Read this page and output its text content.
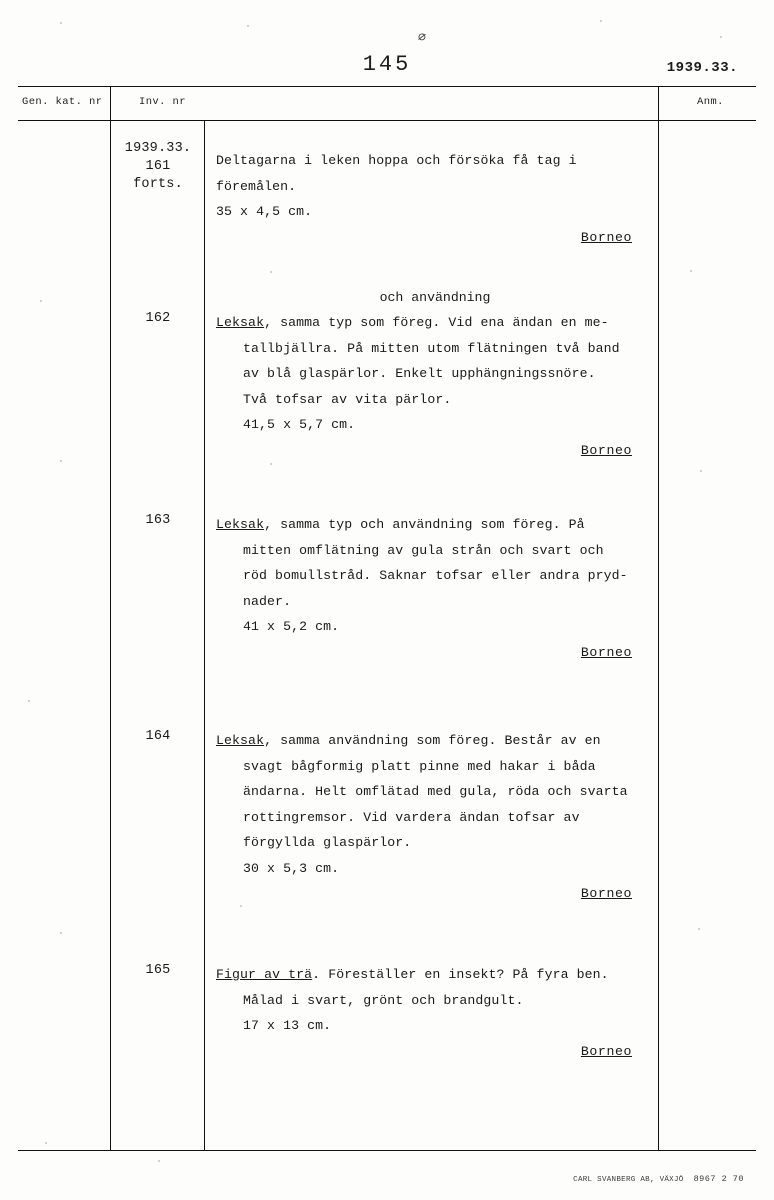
⌀
145	1939.33.
Gen. kat. nr	Inv. nr	Anm.
1939.33.
161
forts.
Deltagarna i leken hoppa och försöka få tag i
föremålen.
35 x 4,5 cm.
Borneo
och användning
162	Leksak, samma typ som föreg. Vid ena ändan en me-
tallbjällra. På mitten utom flätningen två band
av blå glaspärlor. Enkelt upphängningssnöre.
Två tofsar av vita pärlor.
41,5 x 5,7 cm.
Borneo
163	Leksak, samma typ och användning som föreg. På
mitten omflätning av gula strån och svart och
röd bomullstråd. Saknar tofsar eller andra pryd-
nader.
41 x 5,2 cm.
Borneo
164	Leksak, samma användning som föreg. Består av en
svagt bågformig platt pinne med hakar i båda
ändarna. Helt omflätad med gula, röda och svarta
rottingremsor. Vid vardera ändan tofsar av
förgyllda glaspärlor.
30 x 5,3 cm.
Borneo
165	Figur av trä. Föreställer en insekt? På fyra ben.
Målad i svart, grönt och brandgult.
17 x 13 cm.
Borneo
CARL SVANBERG AB, VÄXJÖ 8967 2 70
